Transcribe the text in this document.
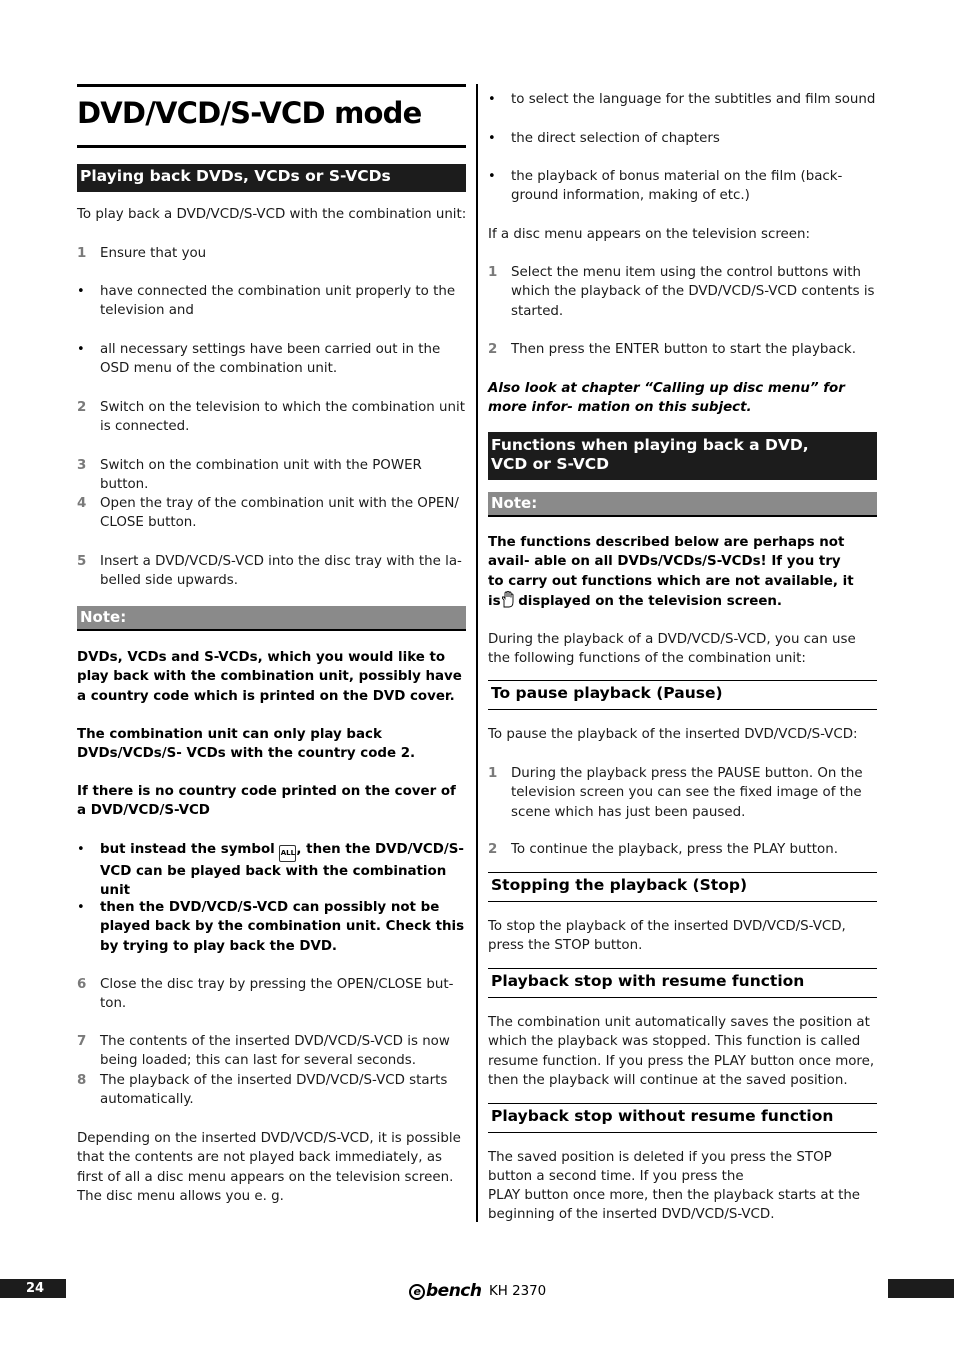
DVD/VCD/S-VCD mode
Playing back DVDs, VCDs or S-VCDs

To play back a DVD/VCD/S-VCD with the combination unit:

1 Ensure that you

• have connected the combination unit properly to the television and

• all necessary settings have been carried out in the OSD menu of the combination unit.

2 Switch on the television to which the combination unit is connected.

3 Switch on the combination unit with the POWER button.

4 Open the tray of the combination unit with the OPEN/ CLOSE button.

5 Insert a DVD/VCD/S-VCD into the disc tray with the la- belled side upwards.

Note:

DVDs, VCDs and S-VCDs, which you would like to play back with the combination unit, possibly have a country code which is printed on the DVD cover.

The combination unit can only play back DVDs/VCDs/S- VCDs with the country code 2.

If there is no country code printed on the cover of a DVD/VCD/S-VCD

• but instead the symbol ALL, then the DVD/VCD/S-VCD can be played back with the combination unit

• then the DVD/VCD/S-VCD can possibly not be played back by the combination unit. Check this by trying to play back the DVD.

6 Close the disc tray by pressing the OPEN/CLOSE but- ton.

7 The contents of the inserted DVD/VCD/S-VCD is now being loaded; this can last for several seconds.

8 The playback of the inserted DVD/VCD/S-VCD starts automatically.

Depending on the inserted DVD/VCD/S-VCD, it is possible that the contents are not played back immediately, as first of all a disc menu appears on the television screen. The disc menu allows you e. g.

• to select the language for the subtitles and film sound

• the direct selection of chapters

• the playback of bonus material on the film (back- ground information, making of etc.)

If a disc menu appears on the television screen:

1 Select the menu item using the control buttons with which the playback of the DVD/VCD/S-VCD contents is started.

2 Then press the ENTER button to start the playback.

Also look at chapter “Calling up disc menu” for more infor- mation on this subject.

Functions when playing back a DVD,
VCD or S-VCD
Note:

The functions described below are perhaps not avail- able on all DVDs/VCDs/S-VCDs! If you try to carry out functions which are not available, it is displayed on the television screen.

During the playback of a DVD/VCD/S-VCD, you can use the following functions of the combination unit:

To pause playback (Pause)

To pause the playback of the inserted DVD/VCD/S-VCD:

1 During the playback press the PAUSE button. On the television screen you can see the fixed image of the scene which has just been paused.

2 To continue the playback, press the PLAY button.

Stopping the playback (Stop)

To stop the playback of the inserted DVD/VCD/S-VCD, press the STOP button.

Playback stop with resume function

The combination unit automatically saves the position at which the playback was stopped. This function is called resume function. If you press the PLAY button once more, then the playback will continue at the saved position.

Playback stop without resume function

The saved position is deleted if you press the STOP button a second time. If you press the

PLAY button once more, then the playback starts at the beginning of the inserted DVD/VCD/S-VCD.

24	e bench KH 2370
